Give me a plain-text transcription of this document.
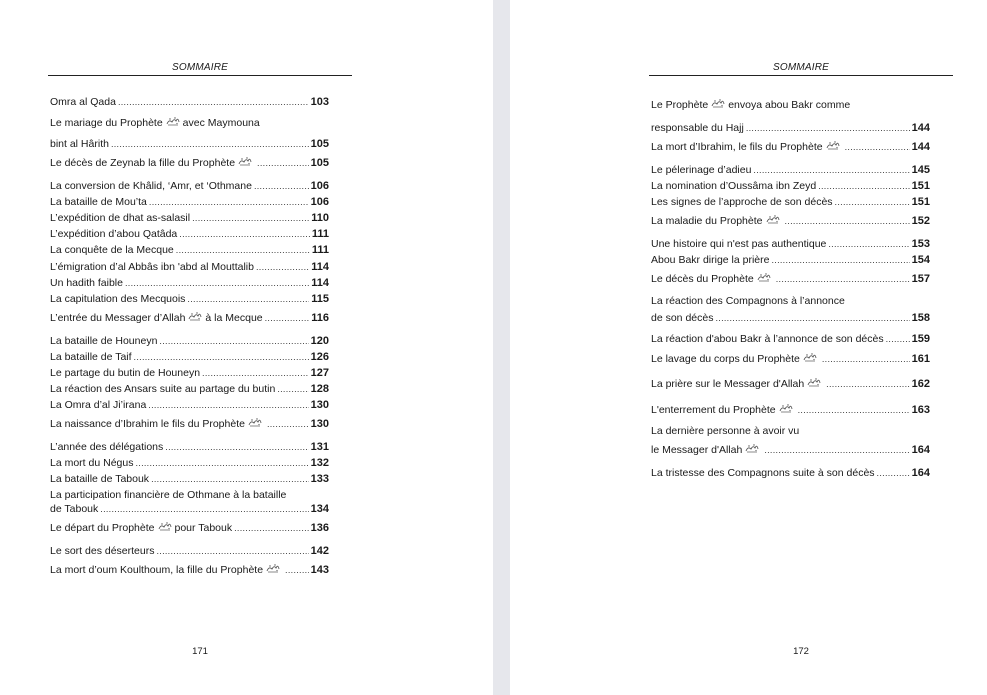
SOMMAIRE
Omra al Qada .....	103
Le mariage du Prophète avec Maymouna
bint al Hârith .....	105
Le décès de Zeynab la fille du Prophète .....	105
La conversion de Khâlid, ‘Amr, et ‘Othmane .....	106
La bataille de Mou’ta .....	106
L’expédition de dhat as-salasil .....	110
L’expédition d’abou Qatâda .....	111
La conquête de la Mecque .....	111
L’émigration d’al Abbâs ibn 'abd al Mouttalib .....	114
Un hadith faible .....	114
La capitulation des Mecquois .....	115
L’entrée du Messager d’Allah à la Mecque .....	116
La bataille de Houneyn .....	120
La bataille de Taif .....	126
Le partage du butin de Houneyn .....	127
La réaction des Ansars suite au partage du butin .....	128
La Omra d’al Ji’irana .....	130
La naissance d’Ibrahim le fils du Prophète .....	130
L’année des délégations .....	131
La mort du Négus .....	132
La bataille de Tabouk .....	133
La participation financière de Othmane à la bataille
de Tabouk .....	134
Le départ du Prophète pour Tabouk .....	136
Le sort des déserteurs .....	142
La mort d’oum Koulthoum, la fille du Prophète .....	143
171
SOMMAIRE
Le Prophète envoya abou Bakr comme
responsable du Hajj .....	144
La mort d’Ibrahim, le fils du Prophète .....	144
Le pélerinage d’adieu .....	145
La nomination d’Oussâma ibn Zeyd .....	151
Les signes de l’approche de son décès .....	151
La maladie du Prophète .....	152
Une histoire qui n'est pas authentique .....	153
Abou Bakr dirige la prière .....	154
Le décès du Prophète .....	157
La réaction des Compagnons à l’annonce
de son décès .....	158
La réaction d'abou Bakr à l’annonce de son décès .....	159
Le lavage du corps du Prophète .....	161
La prière sur le Messager d'Allah .....	162
L'enterrement du Prophète .....	163
La dernière personne à avoir vu
le Messager d'Allah .....	164
La tristesse des Compagnons suite à son décès .....	164
172
